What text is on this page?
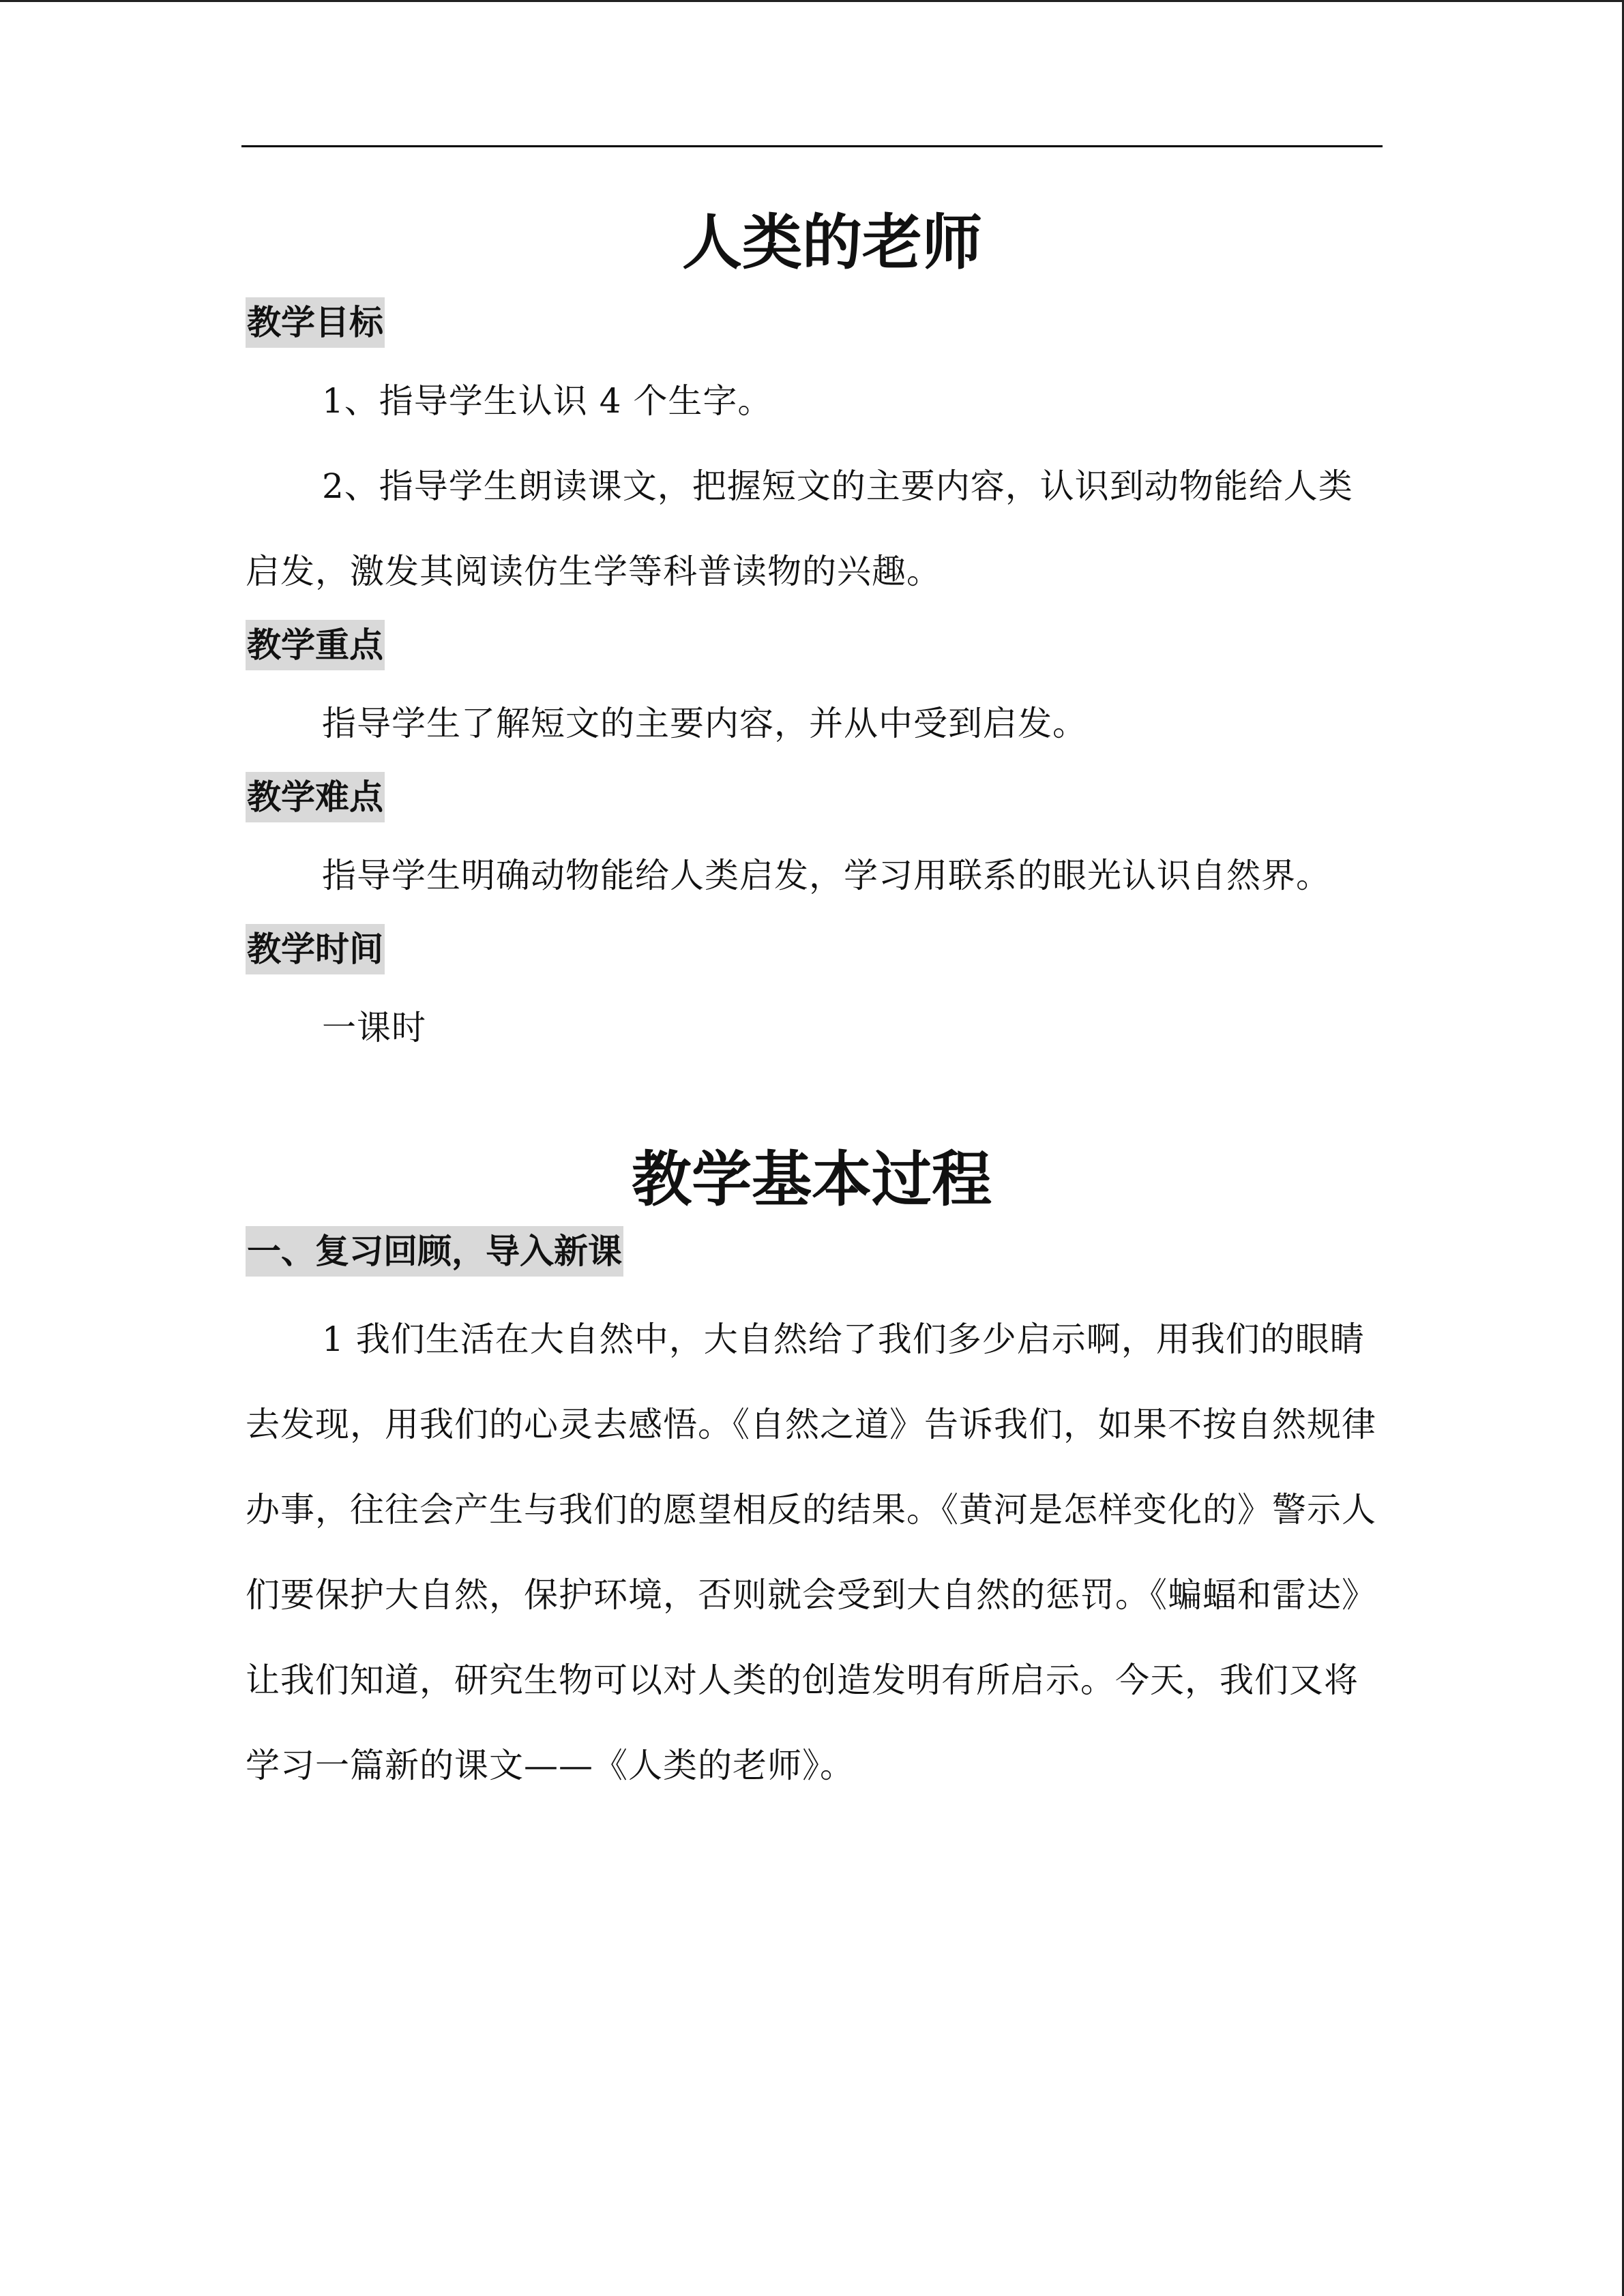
人类的老师
教学目标

1、指导学生认识 4 个生字。

2、指导学生朗读课文，把握短文的主要内容，认识到动物能给人类启发，激发其阅读仿生学等科普读物的兴趣。

教学重点

指导学生了解短文的主要内容，并从中受到启发。

教学难点

指导学生明确动物能给人类启发，学习用联系的眼光认识自然界。

教学时间

一课时

教学基本过程
一、复习回顾，导入新课

1 我们生活在大自然中，大自然给了我们多少启示啊，用我们的眼睛去发现，用我们的心灵去感悟。《自然之道》告诉我们，如果不按自然规律办事，往往会产生与我们的愿望相反的结果。《黄河是怎样变化的》警示人们要保护大自然，保护环境，否则就会受到大自然的惩罚。《蝙蝠和雷达》让我们知道，研究生物可以对人类的创造发明有所启示。今天，我们又将学习一篇新的课文——《人类的老师》。
